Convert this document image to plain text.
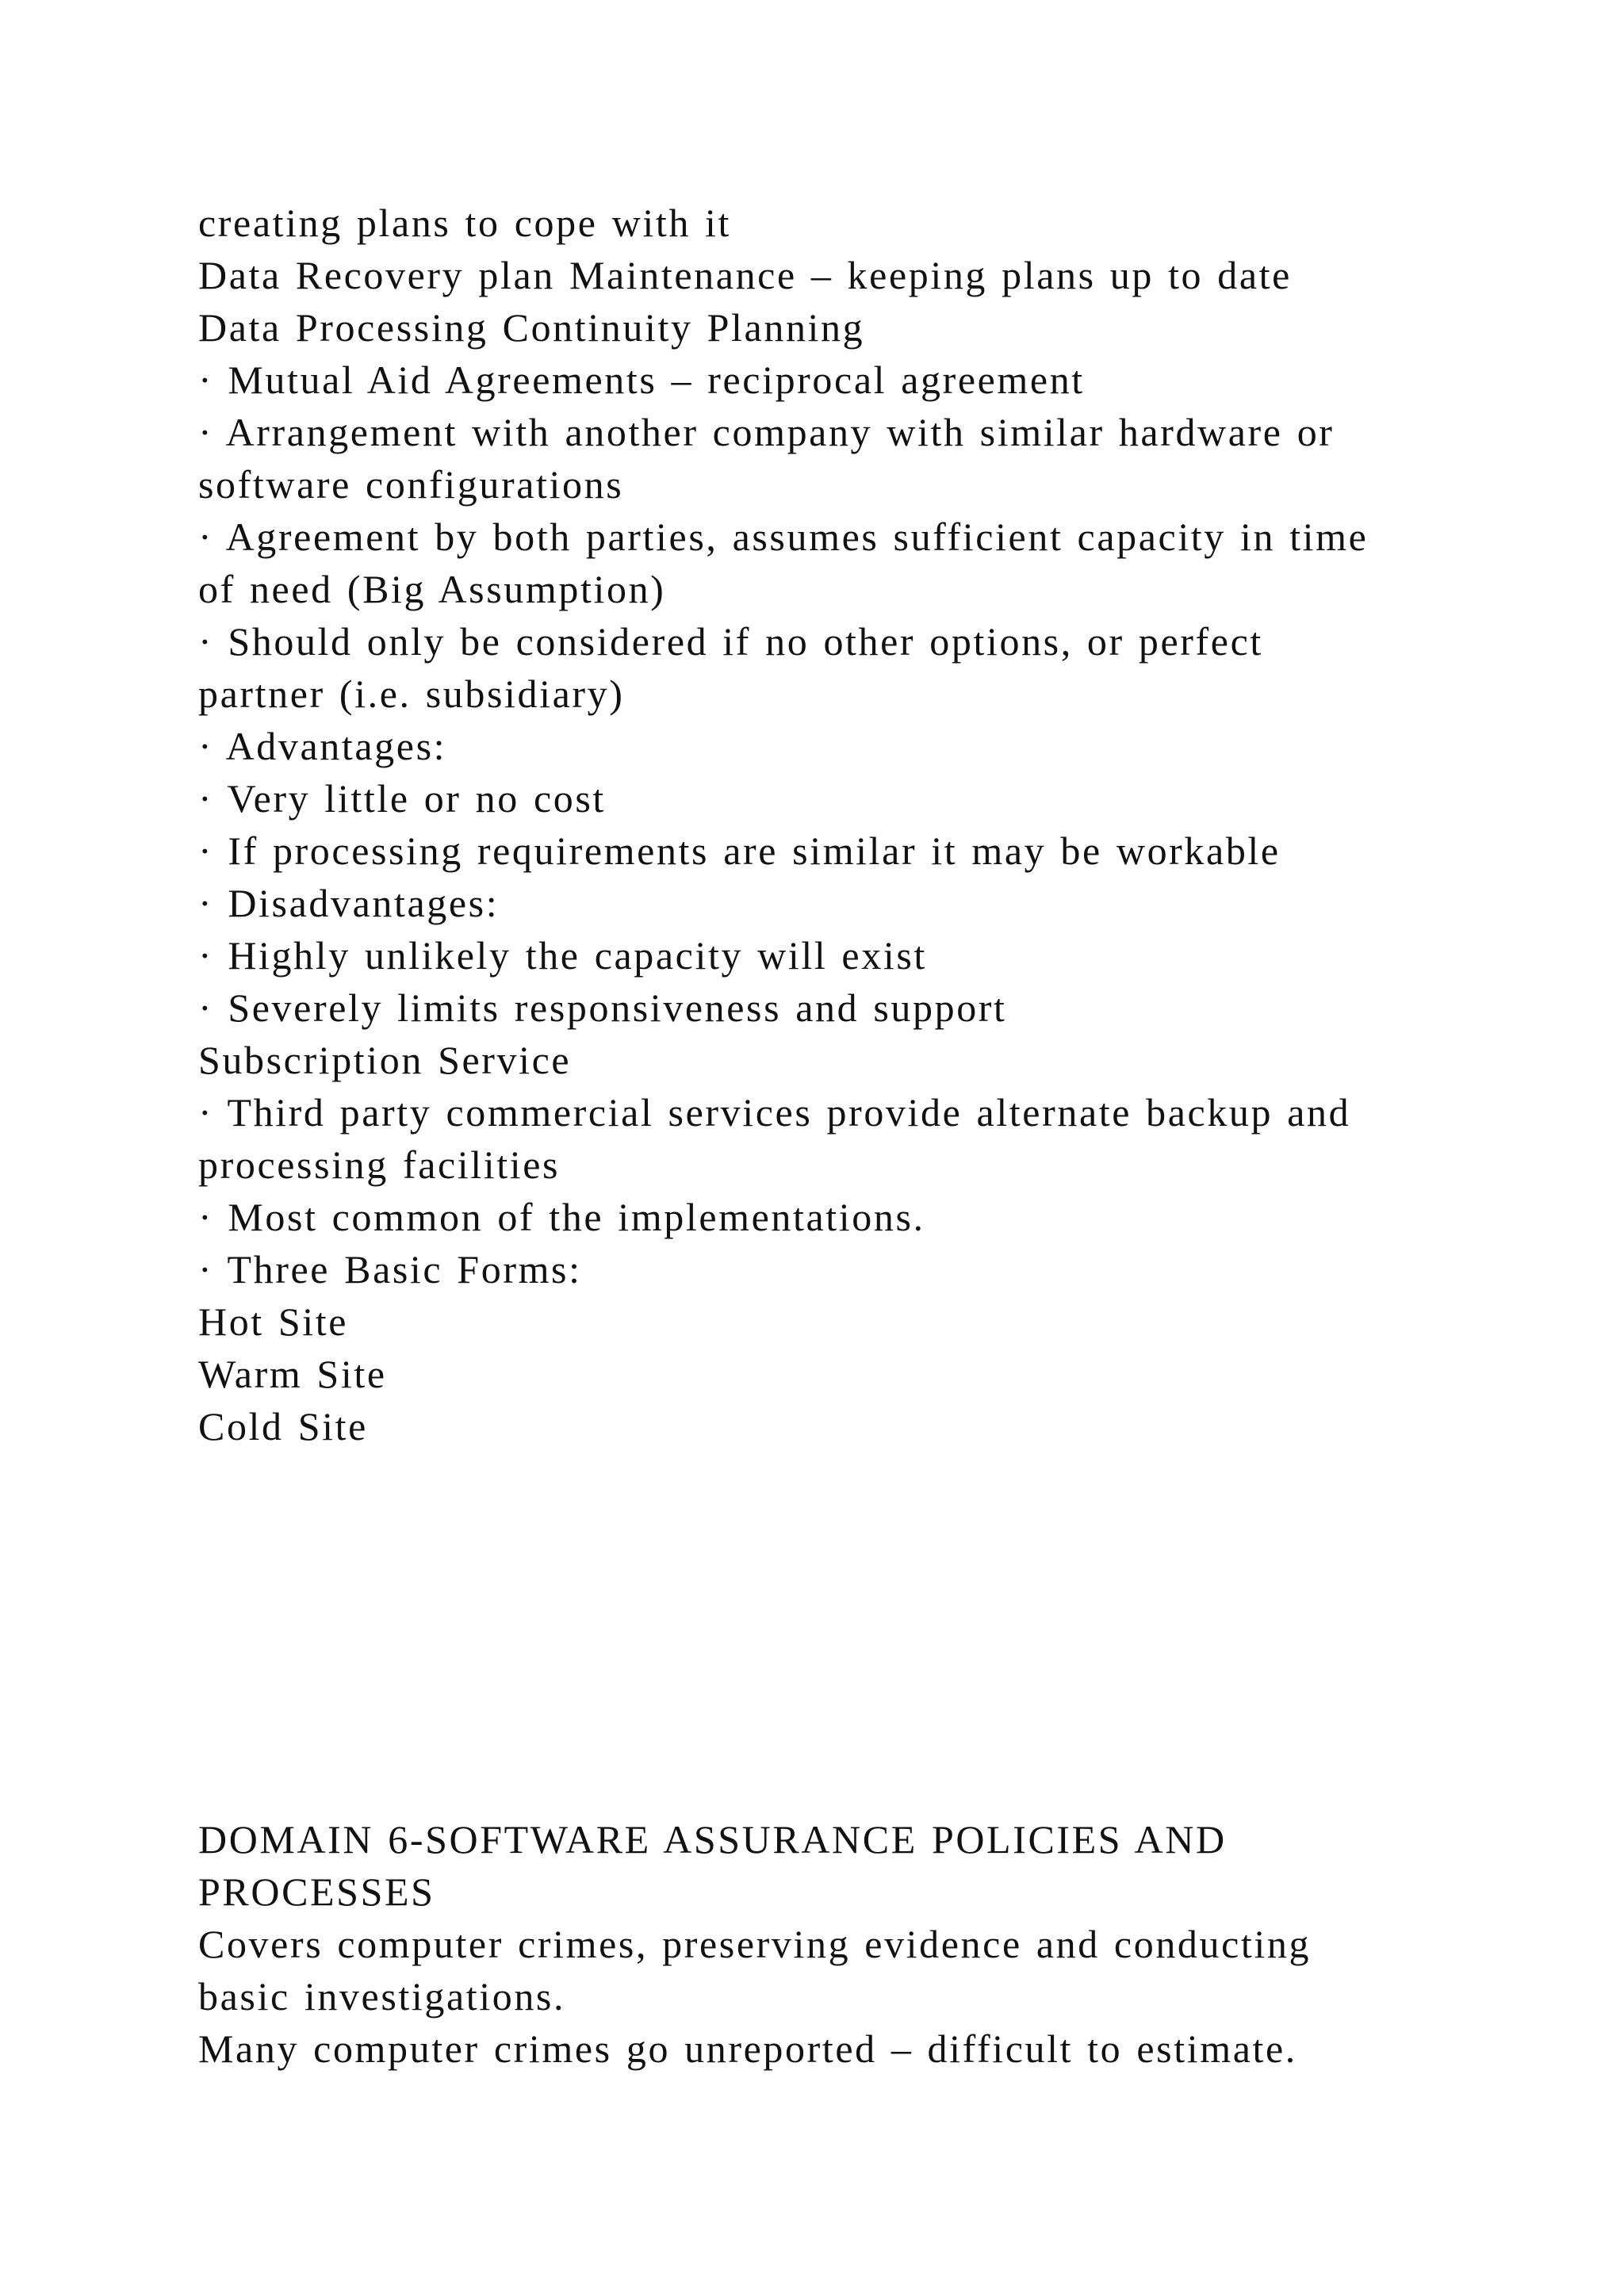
creating plans to cope with it
Data Recovery plan Maintenance – keeping plans up to date
Data Processing Continuity Planning
· Mutual Aid Agreements – reciprocal agreement
· Arrangement with another company with similar hardware or
software configurations
· Agreement by both parties, assumes sufficient capacity in time
of need (Big Assumption)
· Should only be considered if no other options, or perfect
partner (i.e. subsidiary)
· Advantages:
· Very little or no cost
· If processing requirements are similar it may be workable
· Disadvantages:
· Highly unlikely the capacity will exist
· Severely limits responsiveness and support
Subscription Service
· Third party commercial services provide alternate backup and
processing facilities
· Most common of the implementations.
· Three Basic Forms:
Hot Site
Warm Site
Cold Site
DOMAIN 6-SOFTWARE ASSURANCE POLICIES AND
PROCESSES
Covers computer crimes, preserving evidence and conducting
basic investigations.
Many computer crimes go unreported – difficult to estimate.
